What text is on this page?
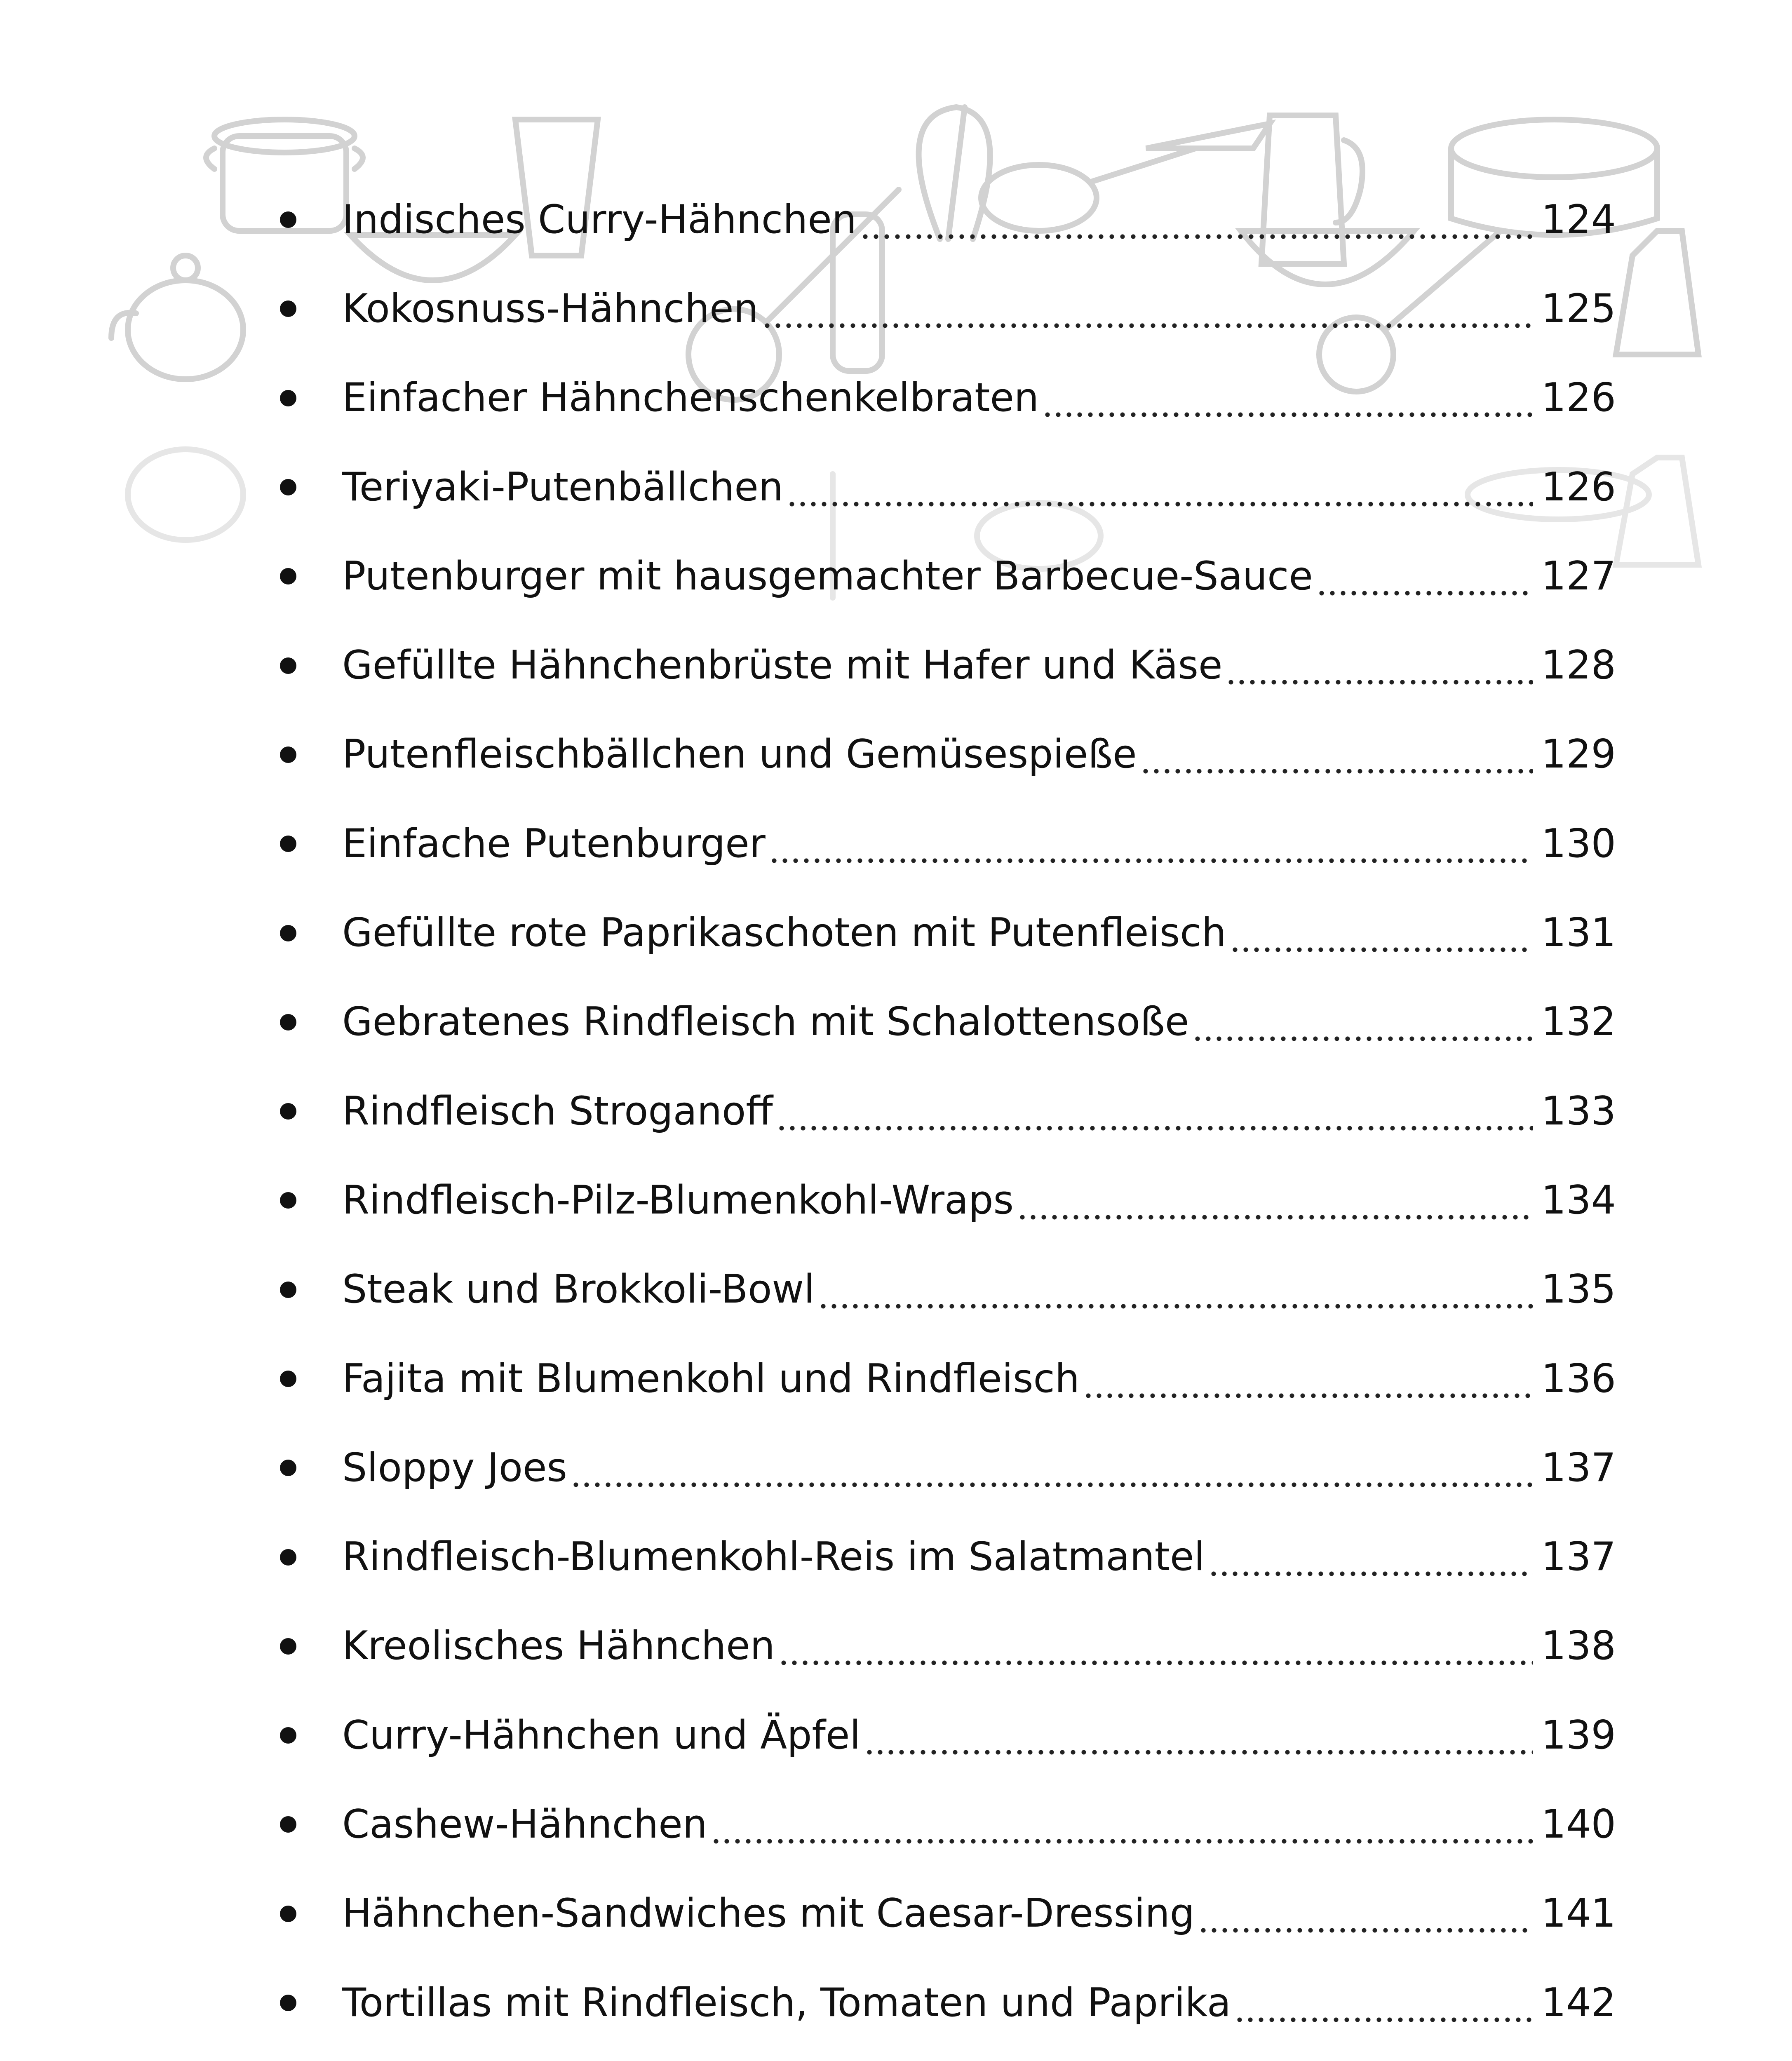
Indisches Curry-Hähnchen	124
Kokosnuss-Hähnchen	125
Einfacher Hähnchenschenkelbraten	126
Teriyaki-Putenbällchen	126
Putenburger mit hausgemachter Barbecue-Sauce	127
Gefüllte Hähnchenbrüste mit Hafer und Käse	128
Putenfleischbällchen und Gemüsespieße	129
Einfache Putenburger	130
Gefüllte rote Paprikaschoten mit Putenfleisch	131
Gebratenes Rindfleisch mit Schalottensoße	132
Rindfleisch Stroganoff	133
Rindfleisch-Pilz-Blumenkohl-Wraps	134
Steak und Brokkoli-Bowl	135
Fajita mit Blumenkohl und Rindfleisch	136
Sloppy Joes	137
Rindfleisch-Blumenkohl-Reis im Salatmantel	137
Kreolisches Hähnchen	138
Curry-Hähnchen und Äpfel	139
Cashew-Hähnchen	140
Hähnchen-Sandwiches mit Caesar-Dressing	141
Tortillas mit Rindfleisch, Tomaten und Paprika	142
